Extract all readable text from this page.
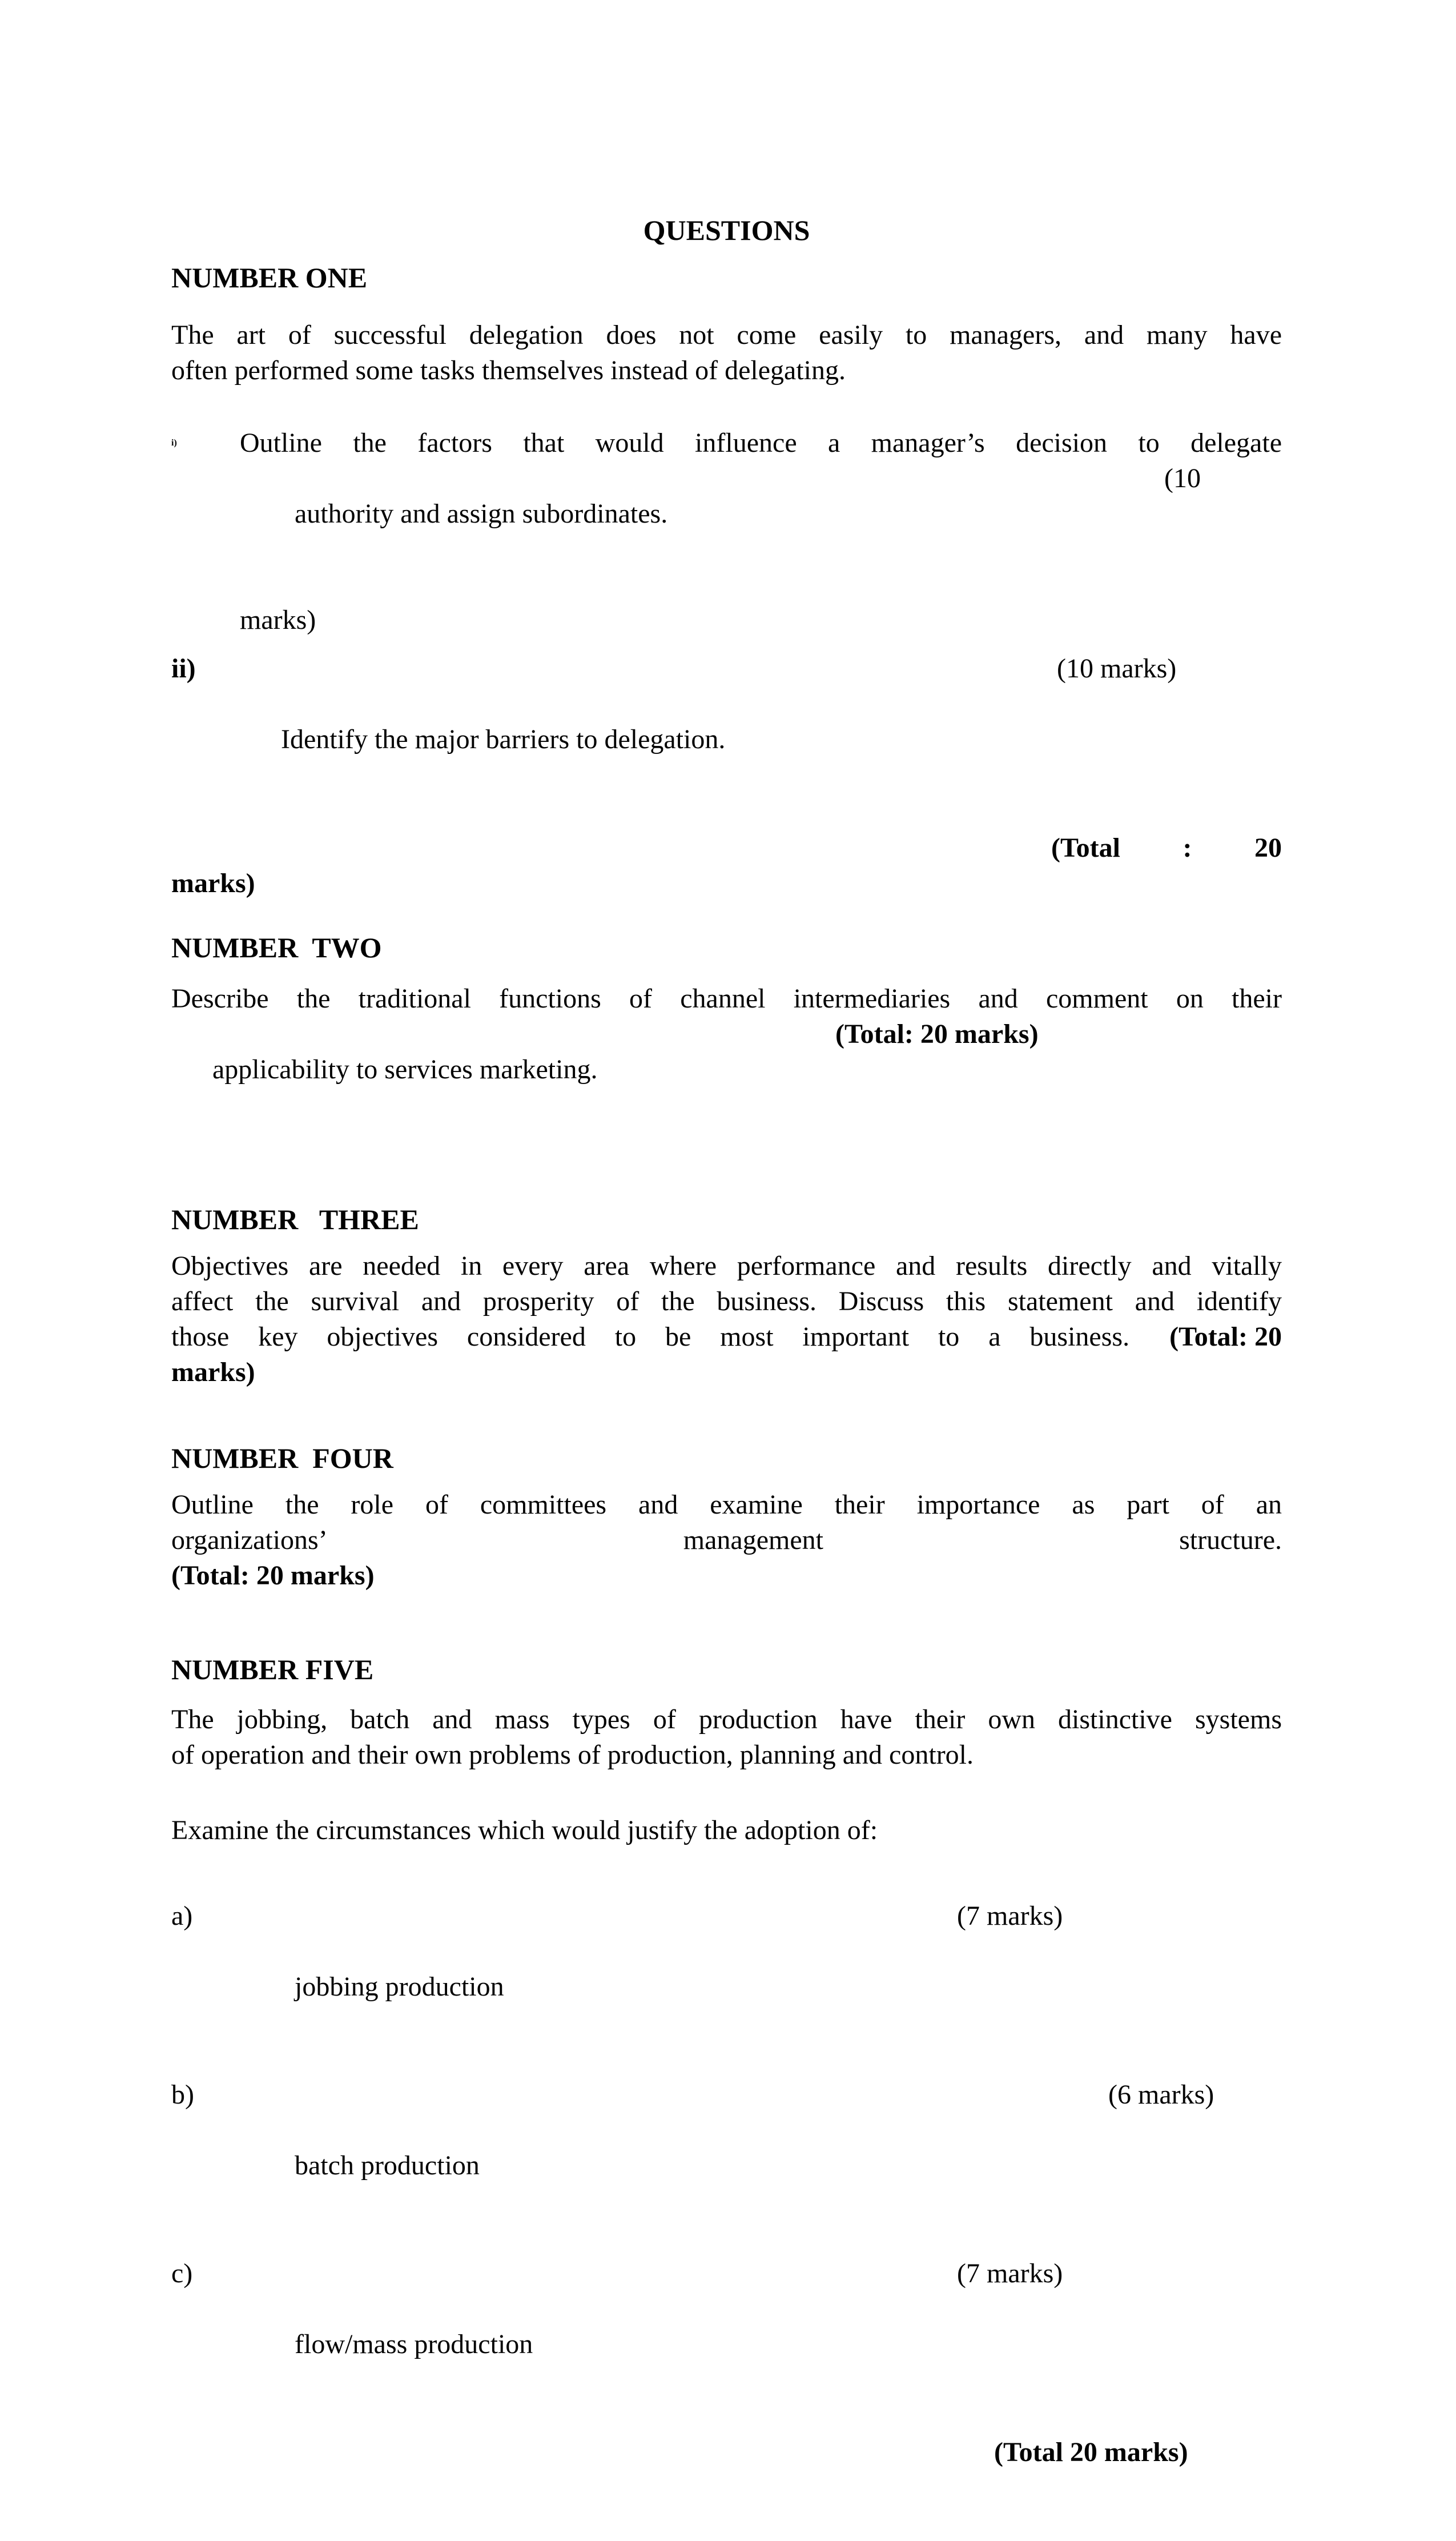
QUESTIONS
NUMBER ONE
The art of successful delegation does not come easily to managers, and many have
often performed some tasks themselves instead of delegating.
i) Outline the factors that would influence a manager’s decision to delegate

authority and assign subordinates.

(10

marks)

ii)

Identify the major barriers to delegation.

(10 marks)

(Total : 20
marks)
NUMBER  TWO
Describe the traditional functions of channel intermediaries and comment on their

applicability to services marketing.

(Total: 20 marks)

NUMBER   THREE
Objectives are needed in every area where performance and results directly and vitally
affect the survival and prosperity of the business. Discuss this statement and identify
those key objectives considered to be most important to a business. (Total: 20
marks)
NUMBER  FOUR
Outline the role of committees and examine their importance as part of an
organizations’	management	structure.
(Total: 20 marks)
NUMBER FIVE
The jobbing, batch and mass types of production have their own distinctive systems
of operation and their own problems of production, planning and control.
Examine the circumstances which would justify the adoption of:

a)

jobbing production

(7 marks)

b)

batch production

(6 marks)

c)

flow/mass production

(7 marks)

(Total 20 marks)
